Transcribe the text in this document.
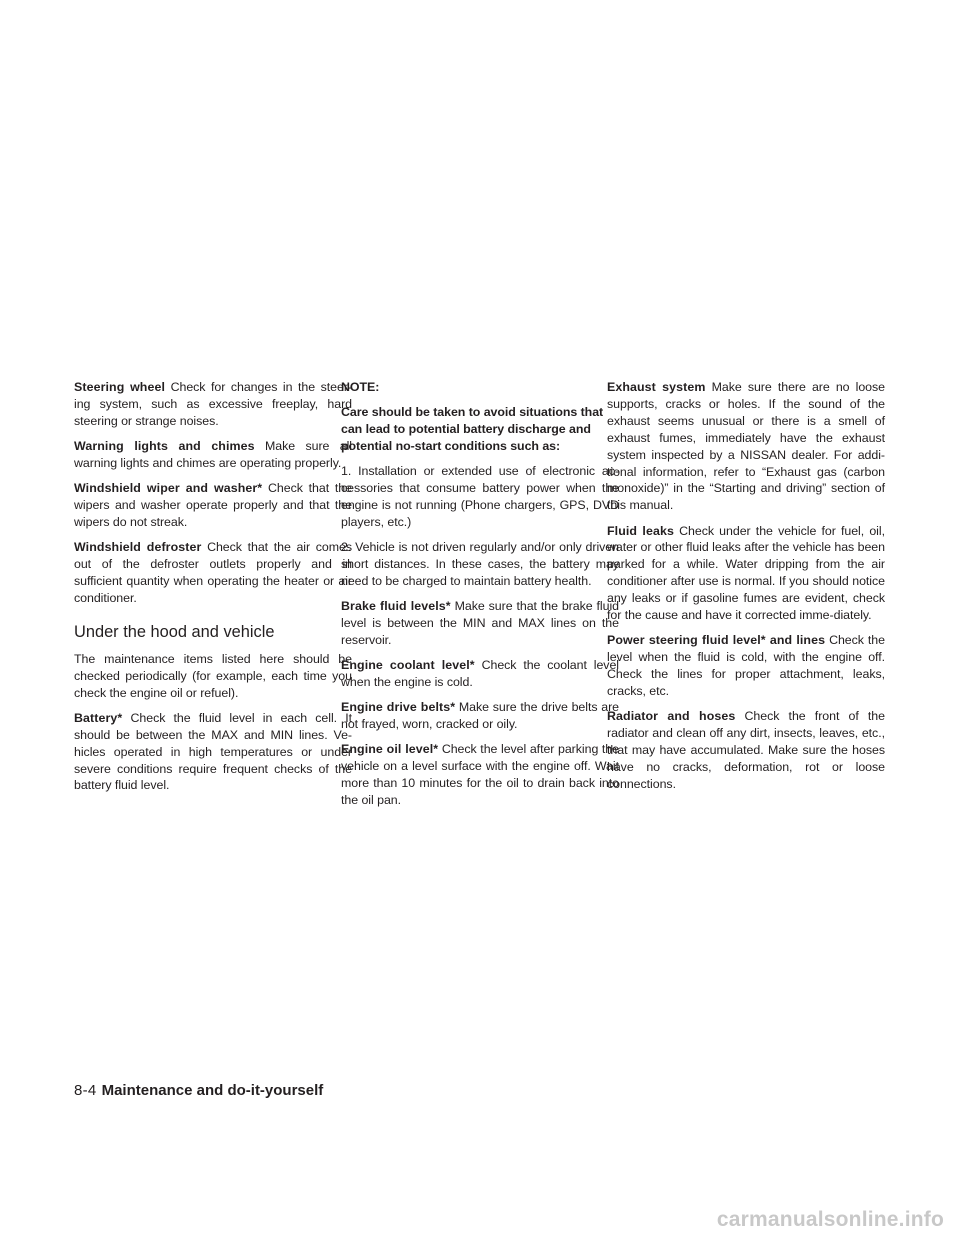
Steering wheel Check for changes in the steer-ing system, such as excessive freeplay, hard steering or strange noises.

Warning lights and chimes Make sure all warning lights and chimes are operating properly.

Windshield wiper and washer* Check that the wipers and washer operate properly and that the wipers do not streak.

Windshield defroster Check that the air comes out of the defroster outlets properly and in sufficient quantity when operating the heater or air conditioner.

Under the hood and vehicle

The maintenance items listed here should be checked periodically (for example, each time you check the engine oil or refuel).

Battery* Check the fluid level in each cell. It should be between the MAX and MIN lines. Ve-hicles operated in high temperatures or under severe conditions require frequent checks of the battery fluid level.

NOTE:

Care should be taken to avoid situations that can lead to potential battery discharge and potential no-start conditions such as:

1. Installation or extended use of electronic ac-cessories that consume battery power when the engine is not running (Phone chargers, GPS, DVD players, etc.)

2. Vehicle is not driven regularly and/or only driven short distances. In these cases, the battery may need to be charged to maintain battery health.

Brake fluid levels* Make sure that the brake fluid level is between the MIN and MAX lines on the reservoir.

Engine coolant level* Check the coolant level when the engine is cold.

Engine drive belts* Make sure the drive belts are not frayed, worn, cracked or oily.

Engine oil level* Check the level after parking the vehicle on a level surface with the engine off. Wait more than 10 minutes for the oil to drain back into the oil pan.

Exhaust system Make sure there are no loose supports, cracks or holes. If the sound of the exhaust seems unusual or there is a smell of exhaust fumes, immediately have the exhaust system inspected by a NISSAN dealer. For addi-tional information, refer to “Exhaust gas (carbon monoxide)” in the “Starting and driving” section of this manual.

Fluid leaks Check under the vehicle for fuel, oil, water or other fluid leaks after the vehicle has been parked for a while. Water dripping from the air conditioner after use is normal. If you should notice any leaks or if gasoline fumes are evident, check for the cause and have it corrected imme-diately.

Power steering fluid level* and lines Check the level when the fluid is cold, with the engine off. Check the lines for proper attachment, leaks, cracks, etc.

Radiator and hoses Check the front of the radiator and clean off any dirt, insects, leaves, etc., that may have accumulated. Make sure the hoses have no cracks, deformation, rot or loose connections.

8-4 Maintenance and do-it-yourself
carmanualsonline.info
